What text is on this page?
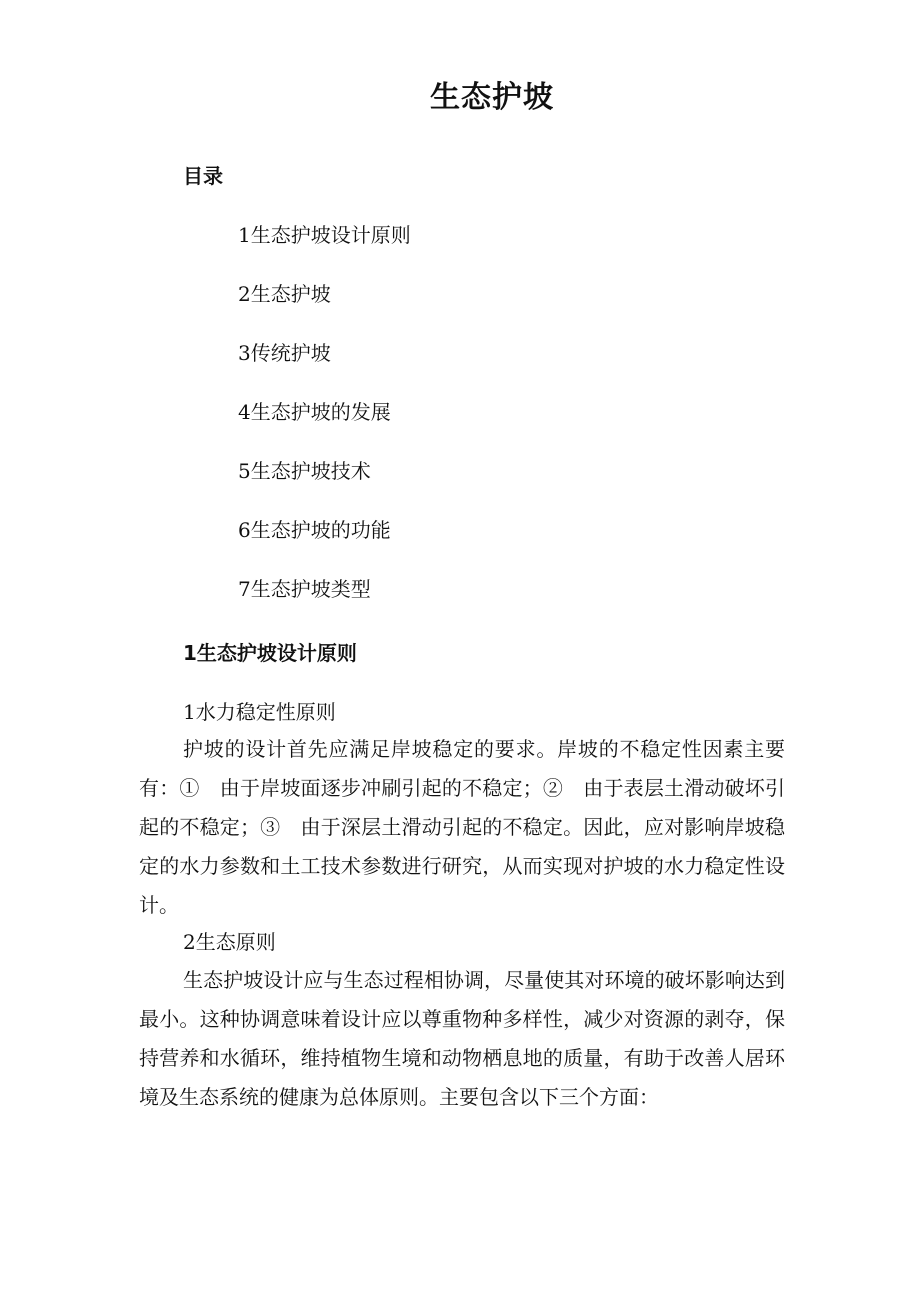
生态护坡
目录
1生态护坡设计原则
2生态护坡
3传统护坡
4生态护坡的发展
5生态护坡技术
6生态护坡的功能
7生态护坡类型
1生态护坡设计原则
1水力稳定性原则

护坡的设计首先应满足岸坡稳定的要求。岸坡的不稳定性因素主要有：①　由于岸坡面逐步冲刷引起的不稳定；②　由于表层土滑动破坏引起的不稳定；③　由于深层土滑动引起的不稳定。因此，应对影响岸坡稳定的水力参数和土工技术参数进行研究，从而实现对护坡的水力稳定性设计。

2生态原则

生态护坡设计应与生态过程相协调，尽量使其对环境的破坏影响达到最小。这种协调意味着设计应以尊重物种多样性，减少对资源的剥夺，保持营养和水循环，维持植物生境和动物栖息地的质量，有助于改善人居环境及生态系统的健康为总体原则。主要包含以下三个方面：
